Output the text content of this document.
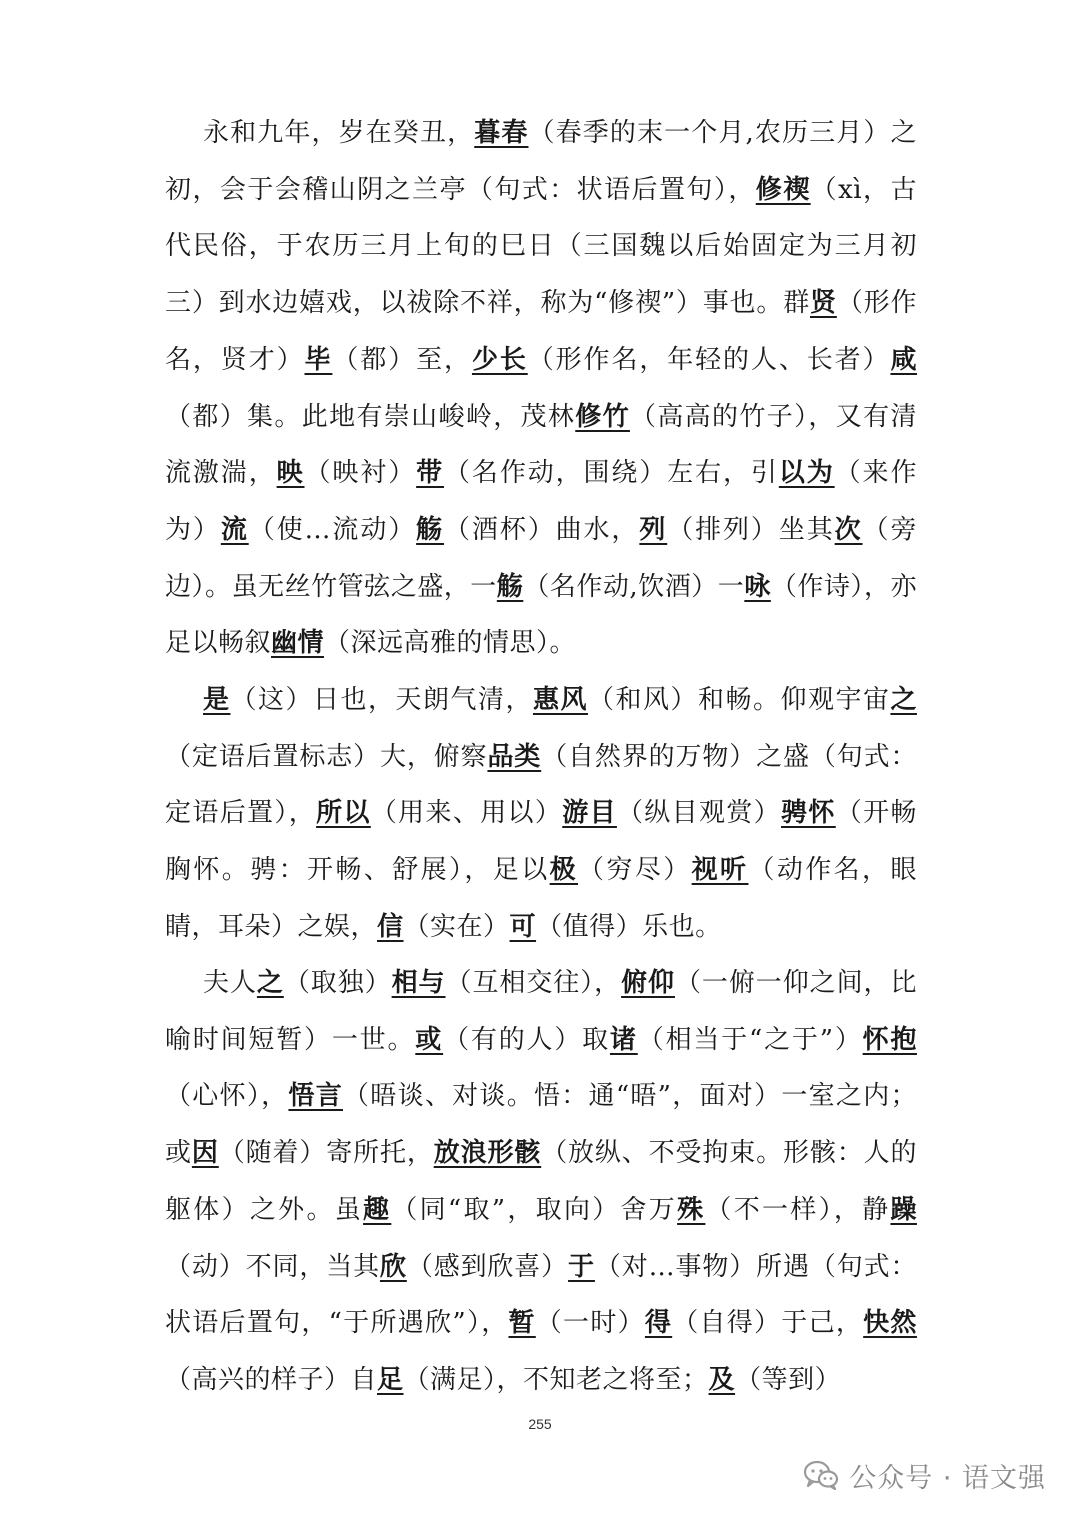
永和九年，岁在癸丑，暮春（春季的末一个月,农历三月）之初，会于会稽山阴之兰亭（句式：状语后置句），修禊（xì，古代民俗，于农历三月上旬的巳日（三国魏以后始固定为三月初三）到水边嬉戏，以祓除不祥，称为“修禊”）事也。群贤（形作名，贤才）毕（都）至，少长（形作名，年轻的人、长者）咸（都）集。此地有崇山峻岭，茂林修竹（高高的竹子），又有清流激湍，映（映衬）带（名作动，围绕）左右，引以为（来作为）流（使…流动）觞（酒杯）曲水，列（排列）坐其次（旁边）。虽无丝竹管弦之盛，一觞（名作动,饮酒）一咏（作诗），亦足以畅叙幽情（深远高雅的情思）。

是（这）日也，天朗气清，惠风（和风）和畅。仰观宇宙之（定语后置标志）大，俯察品类（自然界的万物）之盛（句式：定语后置），所以（用来、用以）游目（纵目观赏）骋怀（开畅胸怀。骋：开畅、舒展），足以极（穷尽）视听（动作名，眼睛，耳朵）之娱，信（实在）可（值得）乐也。

夫人之（取独）相与（互相交往），俯仰（一俯一仰之间，比喻时间短暂）一世。或（有的人）取诸（相当于“之于”）怀抱（心怀），悟言（晤谈、对谈。悟：通“晤”，面对）一室之内；或因（随着）寄所托，放浪形骸（放纵、不受拘束。形骸：人的躯体）之外。虽趣（同“取”，取向）舍万殊（不一样），静躁（动）不同，当其欣（感到欣喜）于（对…事物）所遇（句式：状语后置句，“于所遇欣”），暂（一时）得（自得）于己，快然（高兴的样子）自足（满足），不知老之将至；及（等到）

255
公众号 · 语文强
